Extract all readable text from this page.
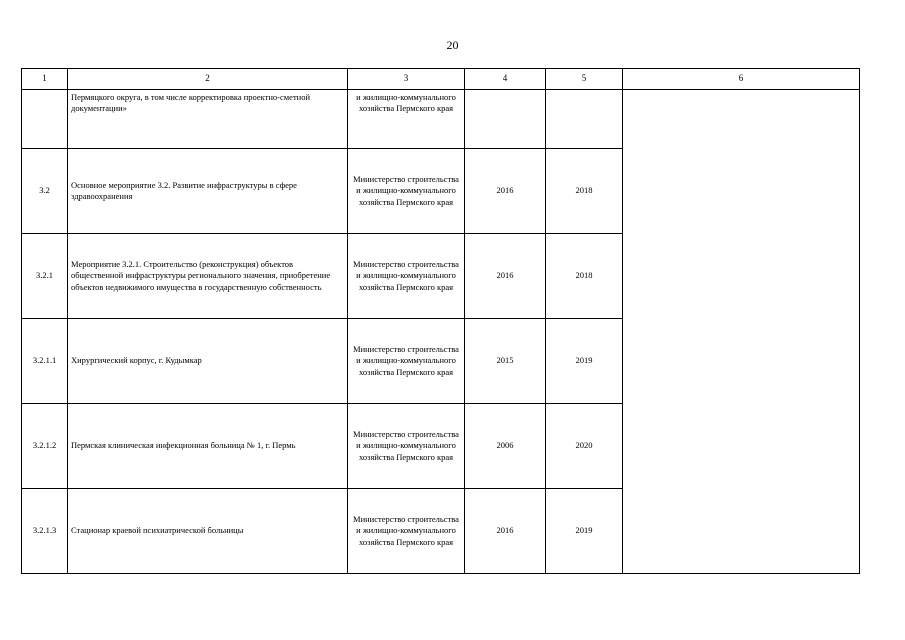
20
1	2	3	4	5	6
	Пермяцкого округа, в том числе корректировка проектно-сметной документации»	и жилищно-коммунального хозяйства Пермского края			
3.2	Основное мероприятие 3.2. Развитие инфраструктуры в сфере здравоохранения	Министерство строительства и жилищно-коммунального хозяйства Пермского края	2016	2018	
3.2.1	Мероприятие 3.2.1. Строительство (реконструкция) объектов общественной инфраструктуры регионального значения, приобретение объектов недвижимого имущества в государственную собственность	Министерство строительства и жилищно-коммунального хозяйства Пермского края	2016	2018	
3.2.1.1	Хирургический корпус, г. Кудымкар	Министерство строительства и жилищно-коммунального хозяйства Пермского края	2015	2019	
3.2.1.2	Пермская клиническая инфекционная больница № 1, г. Пермь	Министерство строительства и жилищно-коммунального хозяйства Пермского края	2006	2020	
3.2.1.3	Стационар краевой психиатрической больницы	Министерство строительства и жилищно-коммунального хозяйства Пермского края	2016	2019	
